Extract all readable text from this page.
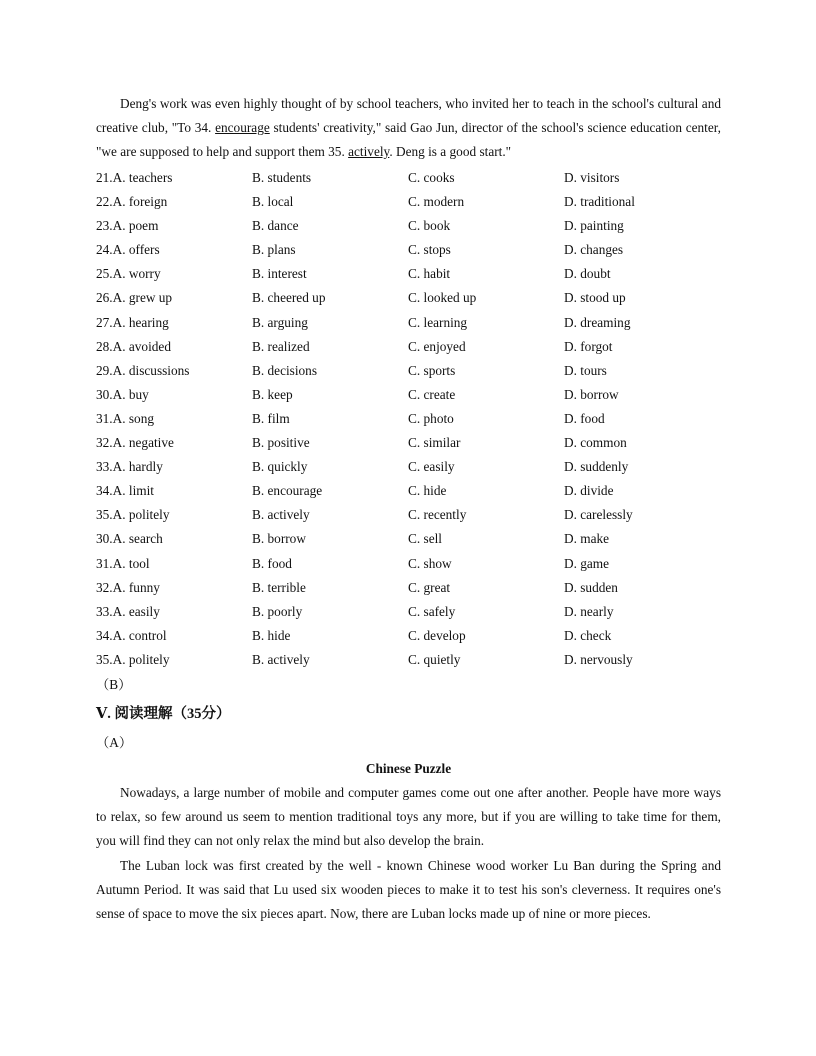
Deng's work was even highly thought of by school teachers, who invited her to teach in the school's cultural and creative club, "To 34. encourage students' creativity," said Gao Jun, director of the school's science education center, "we are supposed to help and support them 35. actively. Deng is a good start."

21.A. teachers	B. students	C. cooks	D. visitors
22.A. foreign	B. local	C. modern	D. traditional
23.A. poem	B. dance	C. book	D. painting
24.A. offers	B. plans	C. stops	D. changes
25.A. worry	B. interest	C. habit	D. doubt
26.A. grew up	B. cheered up	C. looked up	D. stood up
27.A. hearing	B. arguing	C. learning	D. dreaming
28.A. avoided	B. realized	C. enjoyed	D. forgot
29.A. discussions	B. decisions	C. sports	D. tours
30.A. buy	B. keep	C. create	D. borrow
31.A. song	B. film	C. photo	D. food
32.A. negative	B. positive	C. similar	D. common
33.A. hardly	B. quickly	C. easily	D. suddenly
34.A. limit	B. encourage	C. hide	D. divide
35.A. politely	B. actively	C. recently	D. carelessly
30.A. search	B. borrow	C. sell	D. make
31.A. tool	B. food	C. show	D. game
32.A. funny	B. terrible	C. great	D. sudden
33.A. easily	B. poorly	C. safely	D. nearly
34.A. control	B. hide	C. develop	D. check
35.A. politely	B. actively	C. quietly	D. nervously
（B）
Ⅴ. 阅读理解（35分）
（A）
Chinese Puzzle

Nowadays, a large number of mobile and computer games come out one after another. People have more ways to relax, so few around us seem to mention traditional toys any more, but if you are willing to take time for them, you will find they can not only relax the mind but also develop the brain.

The Luban lock was first created by the well - known Chinese wood worker Lu Ban during the Spring and Autumn Period. It was said that Lu used six wooden pieces to make it to test his son's cleverness. It requires one's sense of space to move the six pieces apart. Now, there are Luban locks made up of nine or more pieces.
